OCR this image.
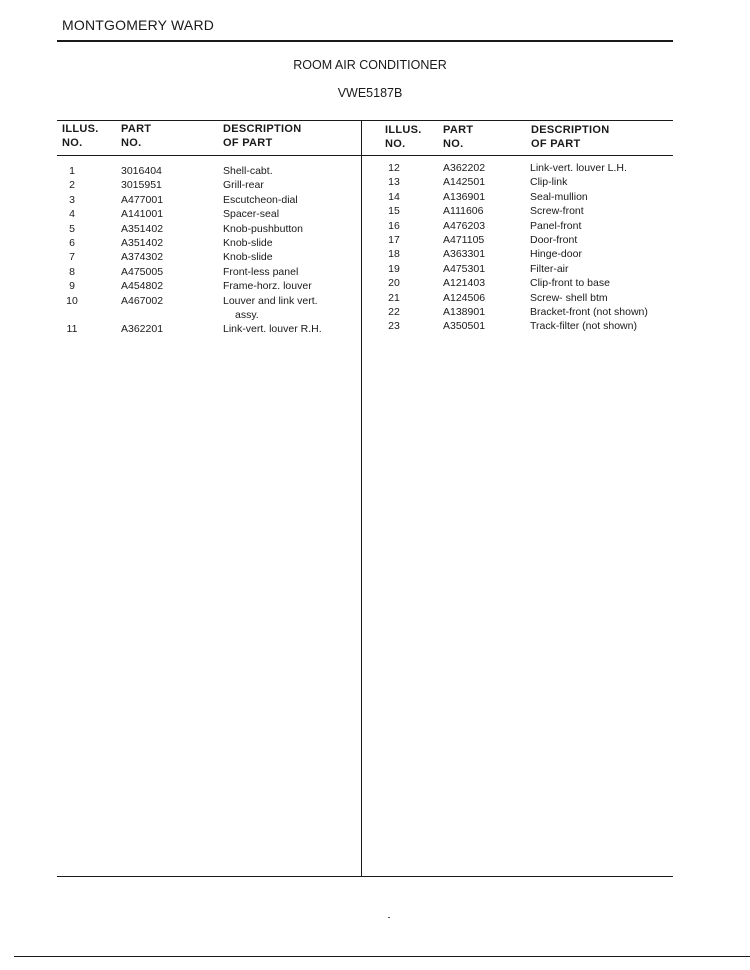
MONTGOMERY WARD
ROOM AIR CONDITIONER
VWE5187B
ILLUS.
NO.
PART
NO.
DESCRIPTION
OF PART
ILLUS.
NO.
PART
NO.
DESCRIPTION
OF PART
1
2
3
4
5
6
7
8
9
10
11
3016404
3015951
A477001
A141001
A351402
A351402
A374302
A475005
A454802
A467002
A362201
Shell-cabt.
Grill-rear
Escutcheon-dial
Spacer-seal
Knob-pushbutton
Knob-slide
Knob-slide
Front-less panel
Frame-horz. louver
Louver and link vert.
assy.
Link-vert. louver R.H.
12
13
14
15
16
17
18
19
20
21
22
23
A362202
A142501
A136901
A111606
A476203
A471105
A363301
A475301
A121403
A124506
A138901
A350501
Link-vert. louver L.H.
Clip-link
Seal-mullion
Screw-front
Panel-front
Door-front
Hinge-door
Filter-air
Clip-front to base
Screw- shell btm
Bracket-front (not shown)
Track-filter (not shown)
